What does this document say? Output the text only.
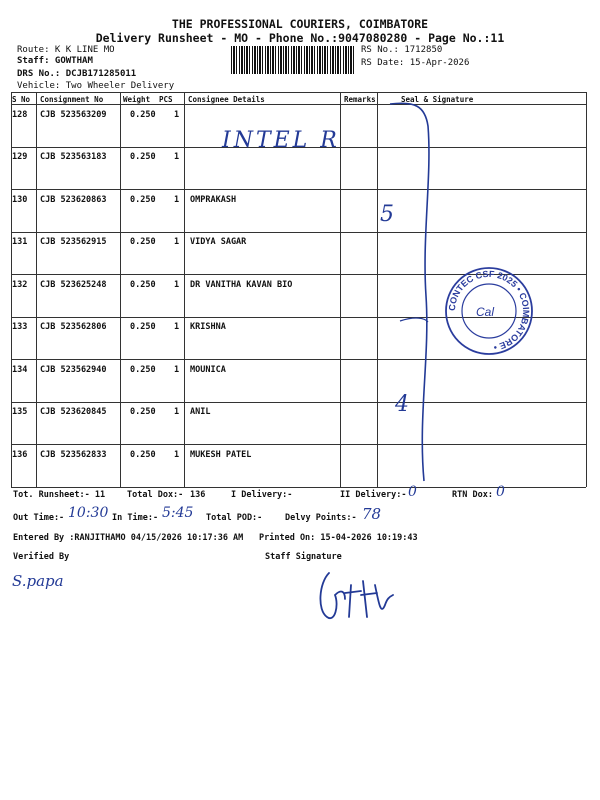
THE PROFESSIONAL COURIERS, COIMBATORE
Delivery Runsheet - MO - Phone No.:9047080280 - Page No.:11
Route: K K LINE MO
Staff: GOWTHAM
DRS No.: DCJB171285011
Vehicle: Two Wheeler Delivery
RS No.: 1712850
RS Date: 15-Apr-2026
S No Consignment No	Weight PCS Consignee Details	Remarks	Seal & Signature
128 CJB 523563209	0.250 1
129 CJB 523563183	0.250 1
130 CJB 523620863	0.250 1 OMPRAKASH
131 CJB 523562915	0.250 1 VIDYA SAGAR
132 CJB 523625248	0.250 1 DR VANITHA KAVAN BIO
133 CJB 523562806	0.250 1 KRISHNA
134 CJB 523562940	0.250 1 MOUNICA
135 CJB 523620845	0.250 1 ANIL
136 CJB 523562833	0.250 1 MUKESH PATEL
INTEL R
5
4
CONTEC CSF 2025 • COIMBATORE •
Cal
Tot. Runsheet:- 11	Total Dox:- 136	I Delivery:-	II Delivery:- 0	RTN Dox: 0
Out Time:- 10:30 In Time:- 5:45 Total POD:-	Delvy Points:- 78
Entered By :RANJITHAMO 04/15/2026 10:17:36 AM Printed On: 15-04-2026 10:19:43
Verified By	Staff Signature
S.papa
